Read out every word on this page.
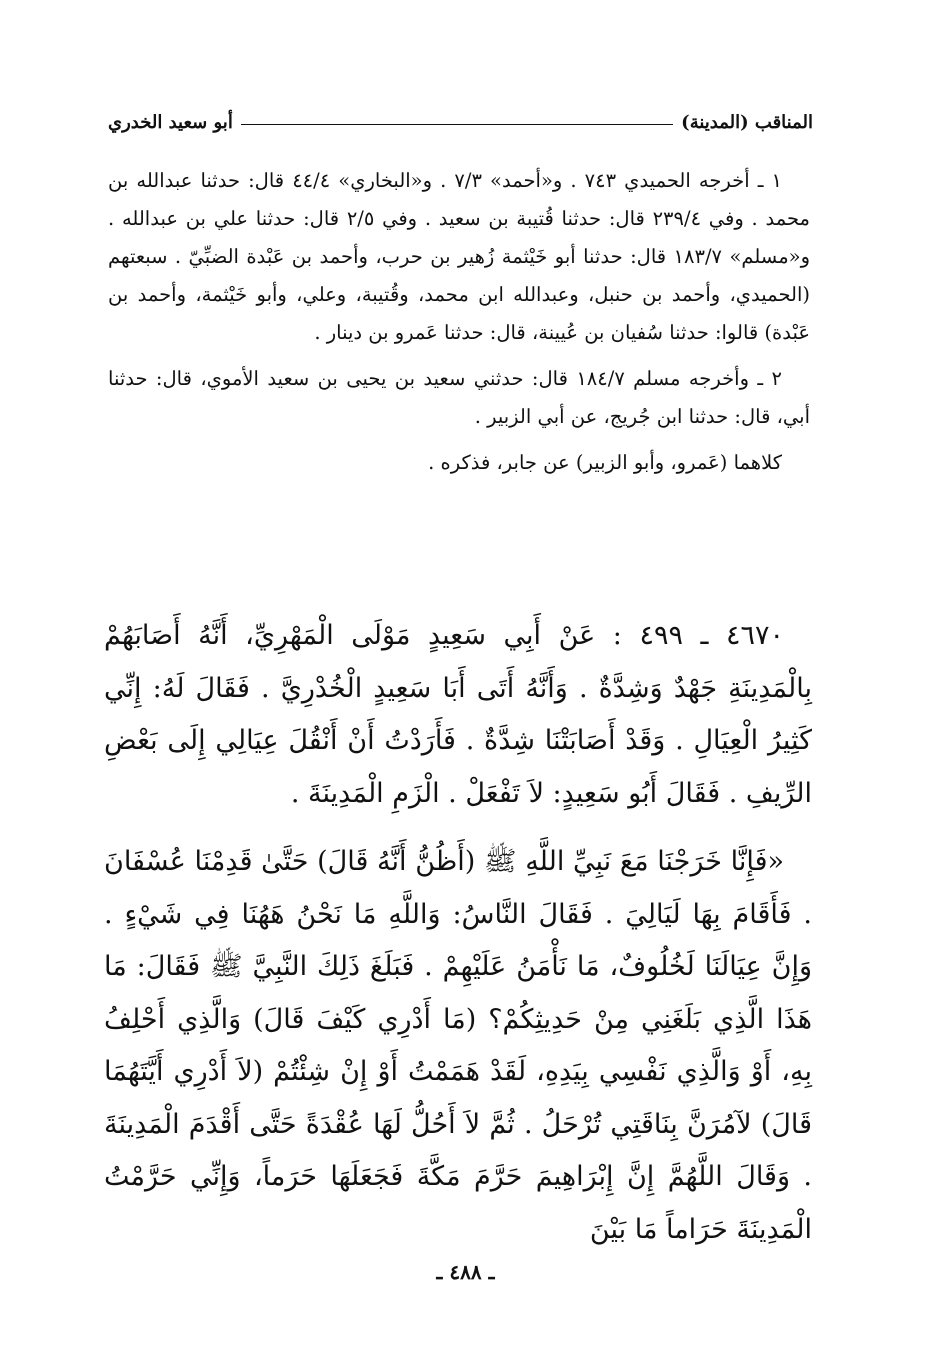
المناقب (المدينة)
أبو سعيد الخدري

١ ـ أخرجه الحميدي ٧٤٣ . و«أحمد» ٧/٣ . و«البخاري» ٤٤/٤ قال: حدثنا عبدالله بن محمد . وفي ٢٣٩/٤ قال: حدثنا قُتيبة بن سعيد . وفي ٢/٥ قال: حدثنا علي بن عبدالله . و«مسلم» ١٨٣/٧ قال: حدثنا أبو خَيْثمة زُهير بن حرب، وأحمد بن عَبْدة الضبِّيّ . سبعتهم (الحميدي، وأحمد بن حنبل، وعبدالله ابن محمد، وقُتيبة، وعلي، وأبو خَيْثمة، وأحمد بن عَبْدة) قالوا: حدثنا سُفيان بن عُيينة، قال: حدثنا عَمرو بن دينار .

٢ ـ وأخرجه مسلم ١٨٤/٧ قال: حدثني سعيد بن يحيى بن سعيد الأموي، قال: حدثنا أبي، قال: حدثنا ابن جُريج، عن أبي الزبير .

كلاهما (عَمرو، وأبو الزبير) عن جابر، فذكره .

٤٦٧٠ ـ ٤٩٩ : عَنْ أَبِي سَعِيدٍ مَوْلَى الْمَهْرِيِّ، أَنَّهُ أَصَابَهُمْ بِالْمَدِينَةِ جَهْدٌ وَشِدَّةٌ . وَأَنَّهُ أَتَى أَبَا سَعِيدٍ الْخُدْرِيَّ . فَقَالَ لَهُ: إِنِّي كَثِيرُ الْعِيَالِ . وَقَدْ أَصَابَتْنَا شِدَّةٌ . فَأَرَدْتُ أَنْ أَنْقُلَ عِيَالِي إِلَى بَعْضِ الرِّيفِ . فَقَالَ أَبُو سَعِيدٍ: لاَ تَفْعَلْ . الْزَمِ الْمَدِينَةَ .

«فَإِنَّا خَرَجْنَا مَعَ نَبِيِّ اللَّهِ ﷺ (أَظُنُّ أَنَّهُ قَالَ) حَتَّىٰ قَدِمْنَا عُسْفَانَ . فَأَقَامَ بِهَا لَيَالِيَ . فَقَالَ النَّاسُ: وَاللَّهِ مَا نَحْنُ هَهُنَا فِي شَيْءٍ . وَإِنَّ عِيَالَنَا لَخُلُوفٌ، مَا نَأْمَنُ عَلَيْهِمْ . فَبَلَغَ ذَلِكَ النَّبِيَّ ﷺ فَقَالَ: مَا هَذَا الَّذِي بَلَغَنِي مِنْ حَدِيثِكُمْ؟ (مَا أَدْرِي كَيْفَ قَالَ) وَالَّذِي أَحْلِفُ بِهِ، أَوْ وَالَّذِي نَفْسِي بِيَدِهِ، لَقَدْ هَمَمْتُ أَوْ إِنْ شِئْتُمْ (لاَ أَدْرِي أَيَّتَهُمَا قَالَ) لآمُرَنَّ بِنَاقَتِي تُرْحَلُ . ثُمَّ لاَ أَحُلُّ لَهَا عُقْدَةً حَتَّى أَقْدَمَ الْمَدِينَةَ . وَقَالَ اللَّهُمَّ إِنَّ إِبْرَاهِيمَ حَرَّمَ مَكَّةَ فَجَعَلَهَا حَرَماً، وَإِنِّي حَرَّمْتُ الْمَدِينَةَ حَرَاماً مَا بَيْنَ

ـ ٤٨٨ ـ
